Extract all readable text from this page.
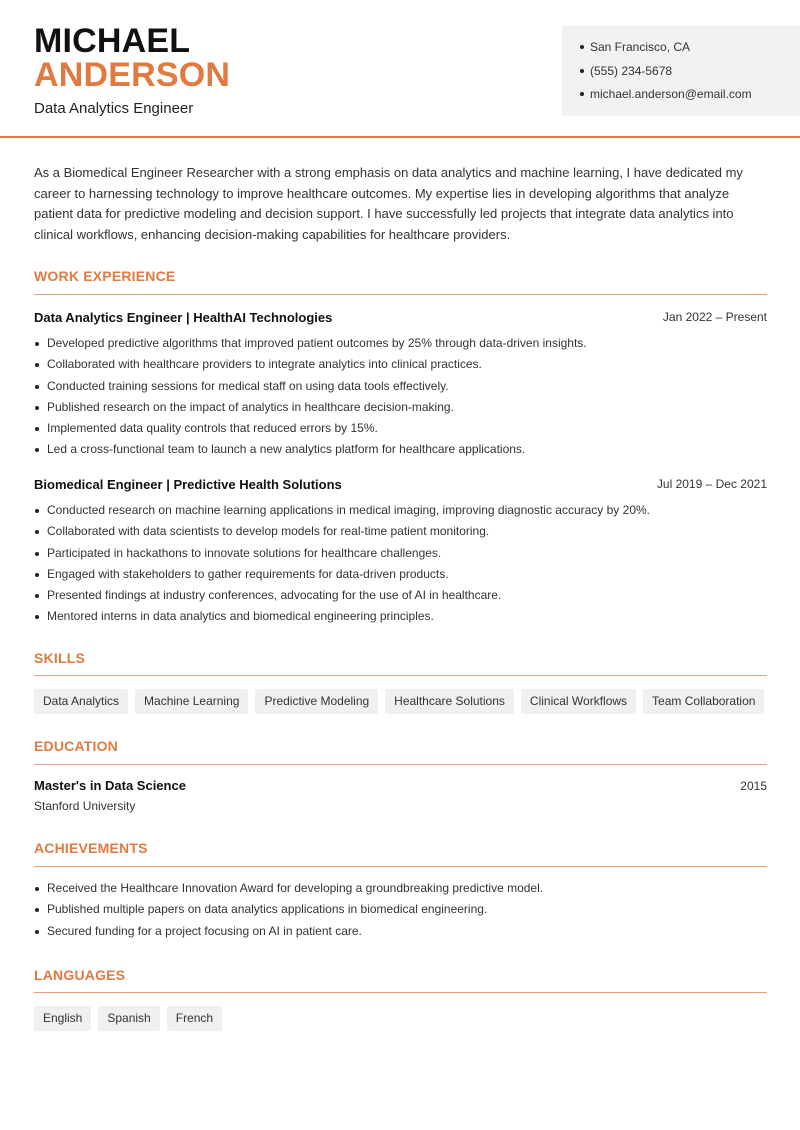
MICHAEL
ANDERSON
Data Analytics Engineer
San Francisco, CA
(555) 234-5678
michael.anderson@email.com

As a Biomedical Engineer Researcher with a strong emphasis on data analytics and machine learning, I have dedicated my career to harnessing technology to improve healthcare outcomes. My expertise lies in developing algorithms that analyze patient data for predictive modeling and decision support. I have successfully led projects that integrate data analytics into clinical workflows, enhancing decision-making capabilities for healthcare providers.

WORK EXPERIENCE
Data Analytics Engineer | HealthAI Technologies	Jan 2022 – Present
Developed predictive algorithms that improved patient outcomes by 25% through data-driven insights.
Collaborated with healthcare providers to integrate analytics into clinical practices.
Conducted training sessions for medical staff on using data tools effectively.
Published research on the impact of analytics in healthcare decision-making.
Implemented data quality controls that reduced errors by 15%.
Led a cross-functional team to launch a new analytics platform for healthcare applications.
Biomedical Engineer | Predictive Health Solutions	Jul 2019 – Dec 2021
Conducted research on machine learning applications in medical imaging, improving diagnostic accuracy by 20%.
Collaborated with data scientists to develop models for real-time patient monitoring.
Participated in hackathons to innovate solutions for healthcare challenges.
Engaged with stakeholders to gather requirements for data-driven products.
Presented findings at industry conferences, advocating for the use of AI in healthcare.
Mentored interns in data analytics and biomedical engineering principles.
SKILLS
Data Analytics	Machine Learning	Predictive Modeling	Healthcare Solutions	Clinical Workflows	Team Collaboration
EDUCATION
Master's in Data Science	2015
Stanford University
ACHIEVEMENTS
Received the Healthcare Innovation Award for developing a groundbreaking predictive model.
Published multiple papers on data analytics applications in biomedical engineering.
Secured funding for a project focusing on AI in patient care.
LANGUAGES
English	Spanish	French
